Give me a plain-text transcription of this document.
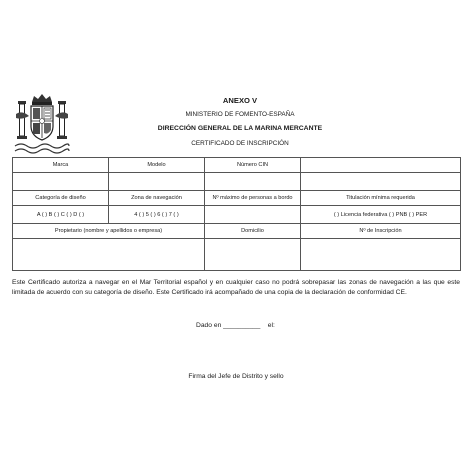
ANEXO V
MINISTERIO DE FOMENTO-ESPAÑA
DIRECCIÓN GENERAL DE LA MARINA MERCANTE
CERTIFICADO DE INSCRIPCIÓN
Marca	Modelo	Número CIN	

Categoría de diseño	Zona de navegación	Nº máximo de personas a bordo	Titulación mínima requerida
A ( ) B ( ) C ( ) D ( )	4 ( ) 5 ( ) 6 ( ) 7 ( )		( ) Licencia federativa ( ) PNB ( ) PER
Propietario (nombre y apellidos o empresa)		Domicilio	Nº de Inscripción

Este Certificado autoriza a navegar en el Mar Territorial español y en cualquier caso no podrá sobrepasar las zonas de navegación a las que este limitada de acuerdo con su categoría de diseño. Este Certificado irá acompañado de una copia de la declaración de conformidad CE.
Dado en __________ el:
Firma del Jefe de Distrito y sello
